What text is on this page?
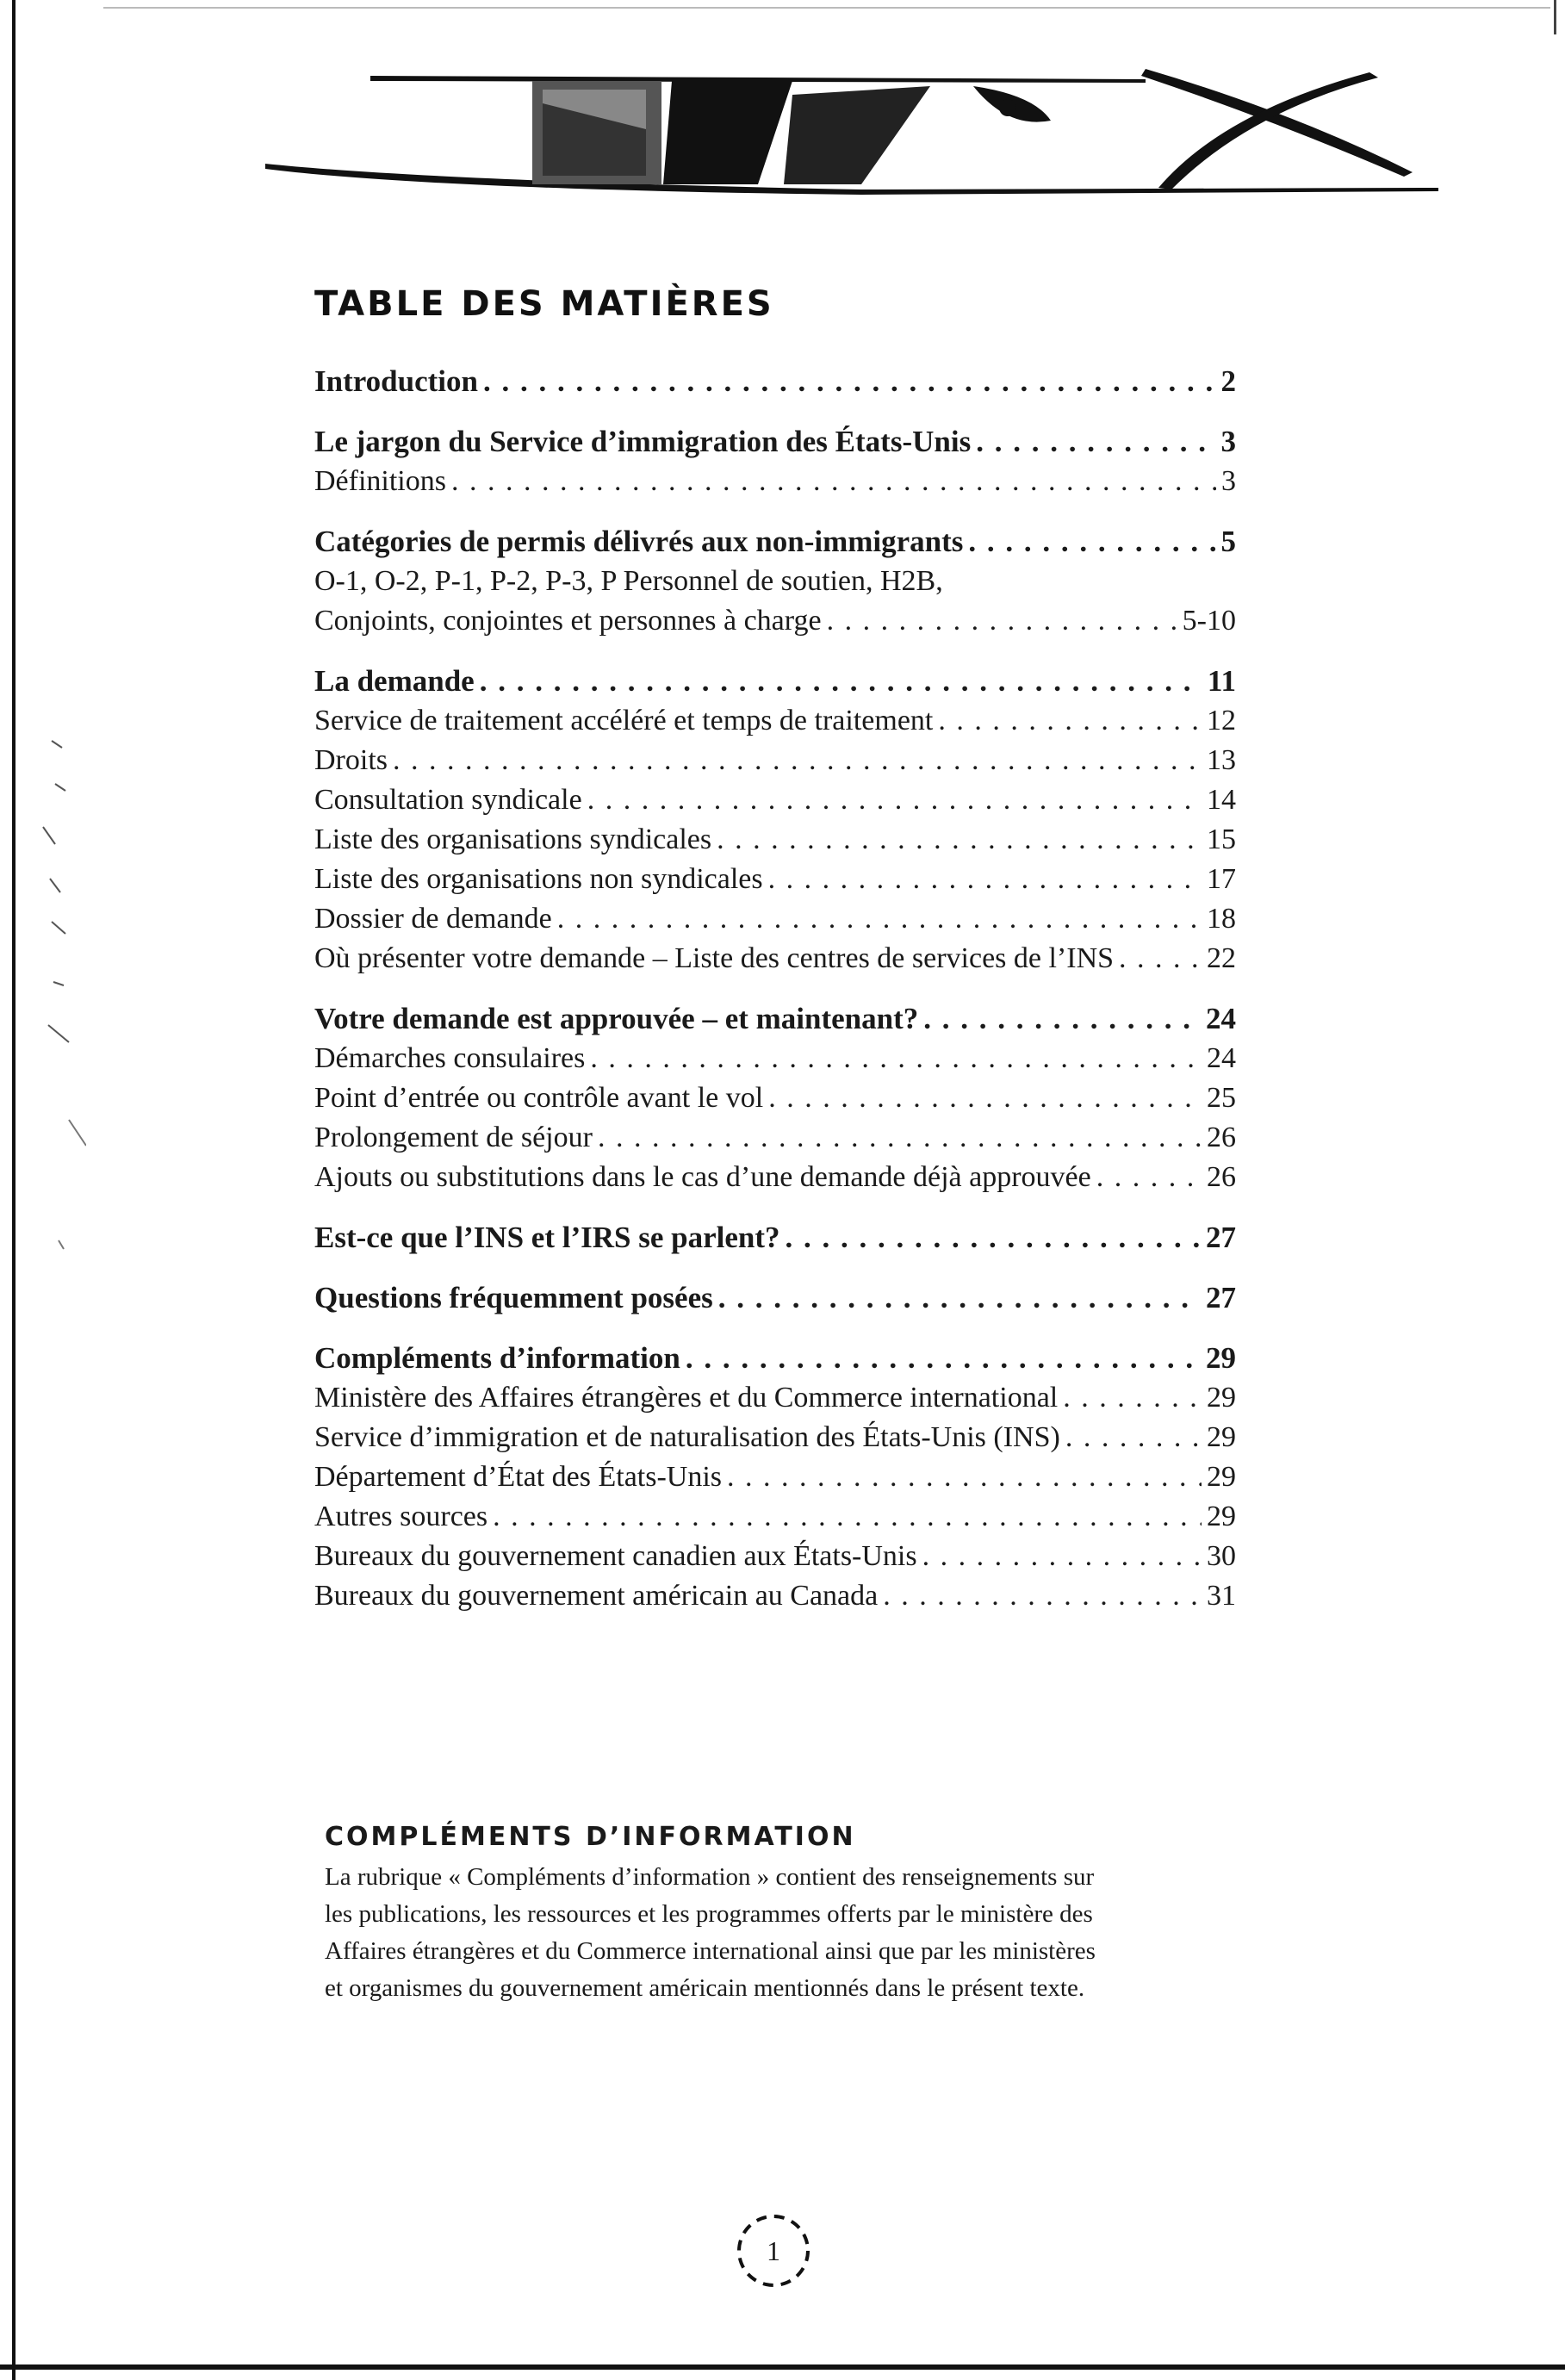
TABLE DES MATIÈRES
Introduction . . .	2
Le jargon du Service d’immigration des États-Unis . . .	3
Définitions . . .	3
Catégories de permis délivrés aux non-immigrants . . .	5
O-1, O-2, P-1, P-2, P-3, P Personnel de soutien, H2B,
Conjoints, conjointes et personnes à charge . . .	5-10
La demande . . .	11
Service de traitement accéléré et temps de traitement . . .	12
Droits . . .	13
Consultation syndicale . . .	14
Liste des organisations syndicales . . .	15
Liste des organisations non syndicales . . .	17
Dossier de demande . . .	18
Où présenter votre demande – Liste des centres de services de l’INS . . .	22
Votre demande est approuvée – et maintenant? . . .	24
Démarches consulaires . . .	24
Point d’entrée ou contrôle avant le vol . . .	25
Prolongement de séjour . . .	26
Ajouts ou substitutions dans le cas d’une demande déjà approuvée . . .	26
Est-ce que l’INS et l’IRS se parlent? . . .	27
Questions fréquemment posées . . .	27
Compléments d’information . . .	29
Ministère des Affaires étrangères et du Commerce international . . .	29
Service d’immigration et de naturalisation des États-Unis (INS) . . .	29
Département d’État des États-Unis . . .	29
Autres sources . . .	29
Bureaux du gouvernement canadien aux États-Unis . . .	30
Bureaux du gouvernement américain au Canada . . .	31
COMPLÉMENTS D’INFORMATION
La rubrique « Compléments d’information » contient des renseignements sur
les publications, les ressources et les programmes offerts par le ministère des
Affaires étrangères et du Commerce international ainsi que par les ministères
et organismes du gouvernement américain mentionnés dans le présent texte.
1
